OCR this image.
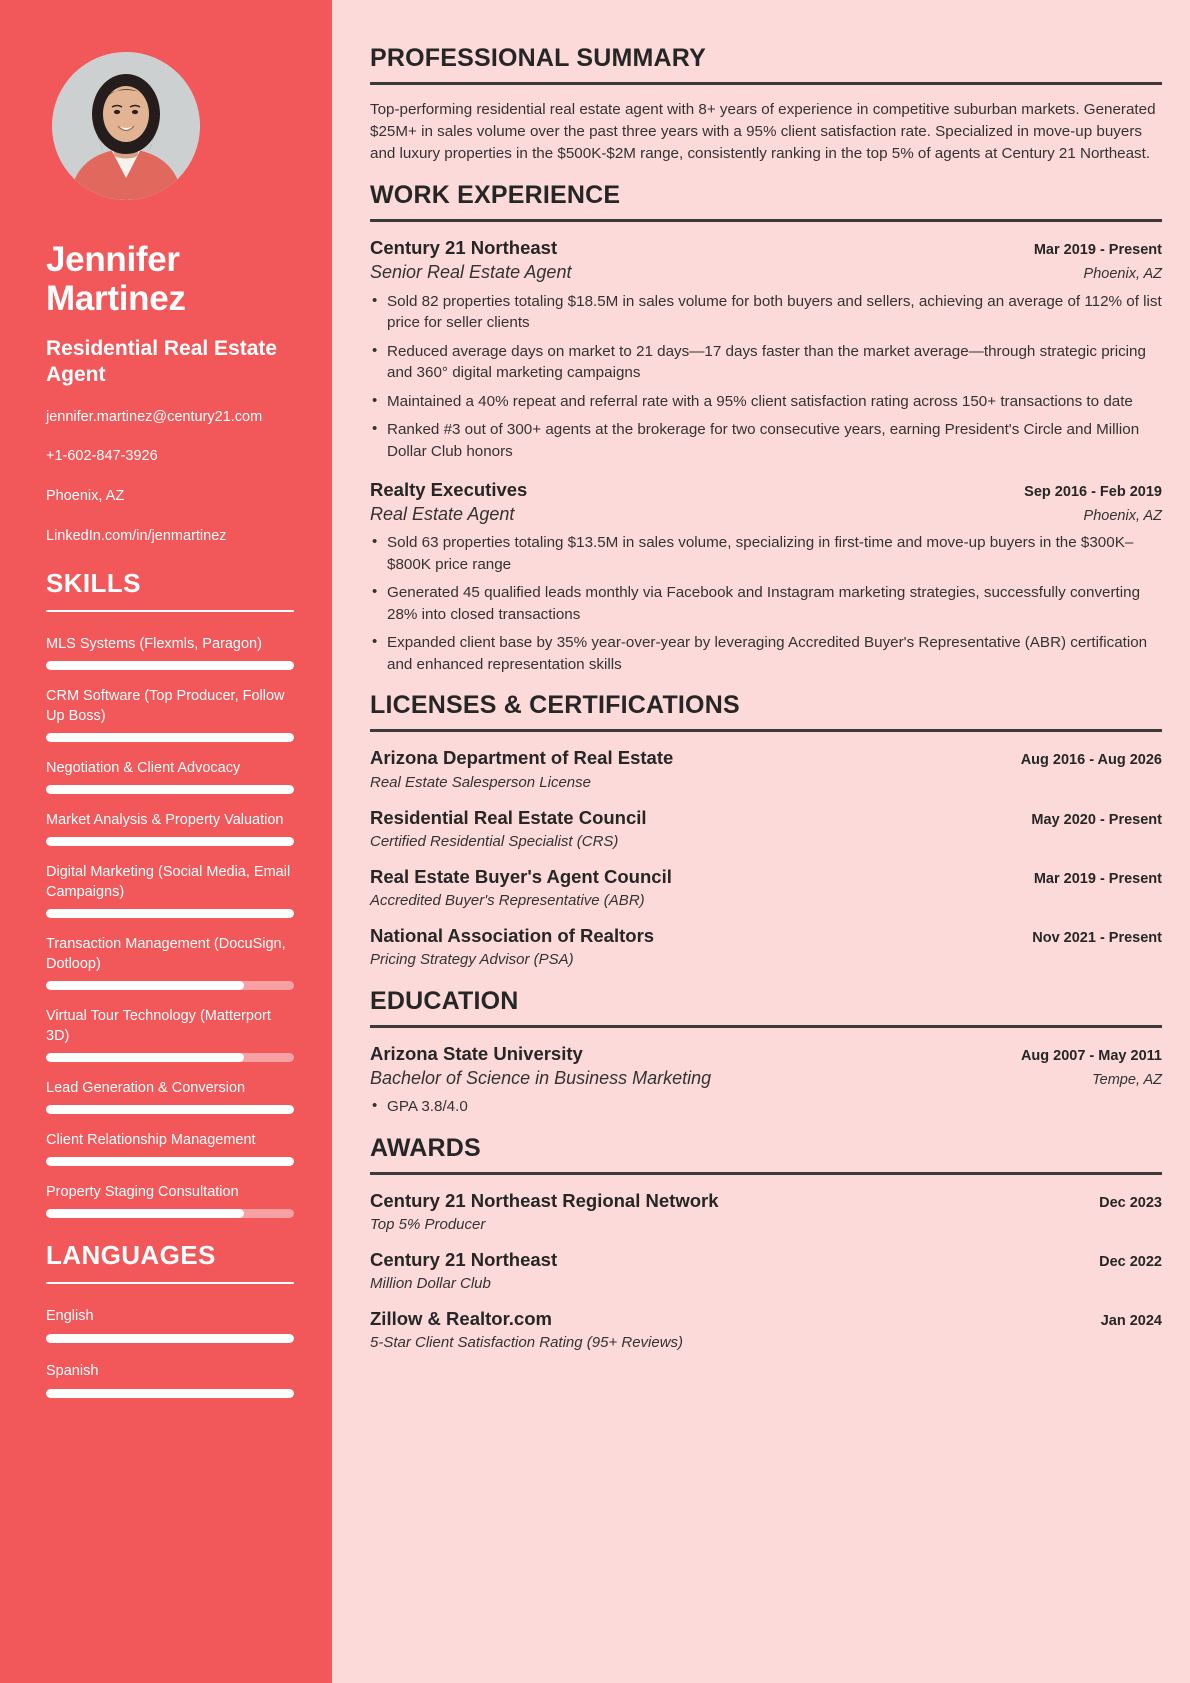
Jennifer Martinez
Residential Real Estate Agent
jennifer.martinez@century21.com
+1-602-847-3926
Phoenix, AZ
LinkedIn.com/in/jenmartinez
SKILLS
MLS Systems (Flexmls, Paragon)
CRM Software (Top Producer, Follow Up Boss)
Negotiation & Client Advocacy
Market Analysis & Property Valuation
Digital Marketing (Social Media, Email Campaigns)
Transaction Management (DocuSign, Dotloop)
Virtual Tour Technology (Matterport 3D)
Lead Generation & Conversion
Client Relationship Management
Property Staging Consultation
LANGUAGES
English
Spanish
PROFESSIONAL SUMMARY

Top-performing residential real estate agent with 8+ years of experience in competitive suburban markets. Generated $25M+ in sales volume over the past three years with a 95% client satisfaction rate. Specialized in move-up buyers and luxury properties in the $500K-$2M range, consistently ranking in the top 5% of agents at Century 21 Northeast.

WORK EXPERIENCE
Century 21 Northeast	Mar 2019 - Present
Senior Real Estate Agent	Phoenix, AZ
• Sold 82 properties totaling $18.5M in sales volume for both buyers and sellers, achieving an average of 112% of list price for seller clients
• Reduced average days on market to 21 days—17 days faster than the market average—through strategic pricing and 360° digital marketing campaigns
• Maintained a 40% repeat and referral rate with a 95% client satisfaction rating across 150+ transactions to date
• Ranked #3 out of 300+ agents at the brokerage for two consecutive years, earning President's Circle and Million Dollar Club honors
Realty Executives	Sep 2016 - Feb 2019
Real Estate Agent	Phoenix, AZ
• Sold 63 properties totaling $13.5M in sales volume, specializing in first-time and move-up buyers in the $300K–$800K price range
• Generated 45 qualified leads monthly via Facebook and Instagram marketing strategies, successfully converting 28% into closed transactions
• Expanded client base by 35% year-over-year by leveraging Accredited Buyer's Representative (ABR) certification and enhanced representation skills
LICENSES & CERTIFICATIONS
Arizona Department of Real Estate	Aug 2016 - Aug 2026
Real Estate Salesperson License
Residential Real Estate Council	May 2020 - Present
Certified Residential Specialist (CRS)
Real Estate Buyer's Agent Council	Mar 2019 - Present
Accredited Buyer's Representative (ABR)
National Association of Realtors	Nov 2021 - Present
Pricing Strategy Advisor (PSA)
EDUCATION
Arizona State University	Aug 2007 - May 2011
Bachelor of Science in Business Marketing	Tempe, AZ
• GPA 3.8/4.0
AWARDS
Century 21 Northeast Regional Network	Dec 2023
Top 5% Producer
Century 21 Northeast	Dec 2022
Million Dollar Club
Zillow & Realtor.com	Jan 2024
5-Star Client Satisfaction Rating (95+ Reviews)
